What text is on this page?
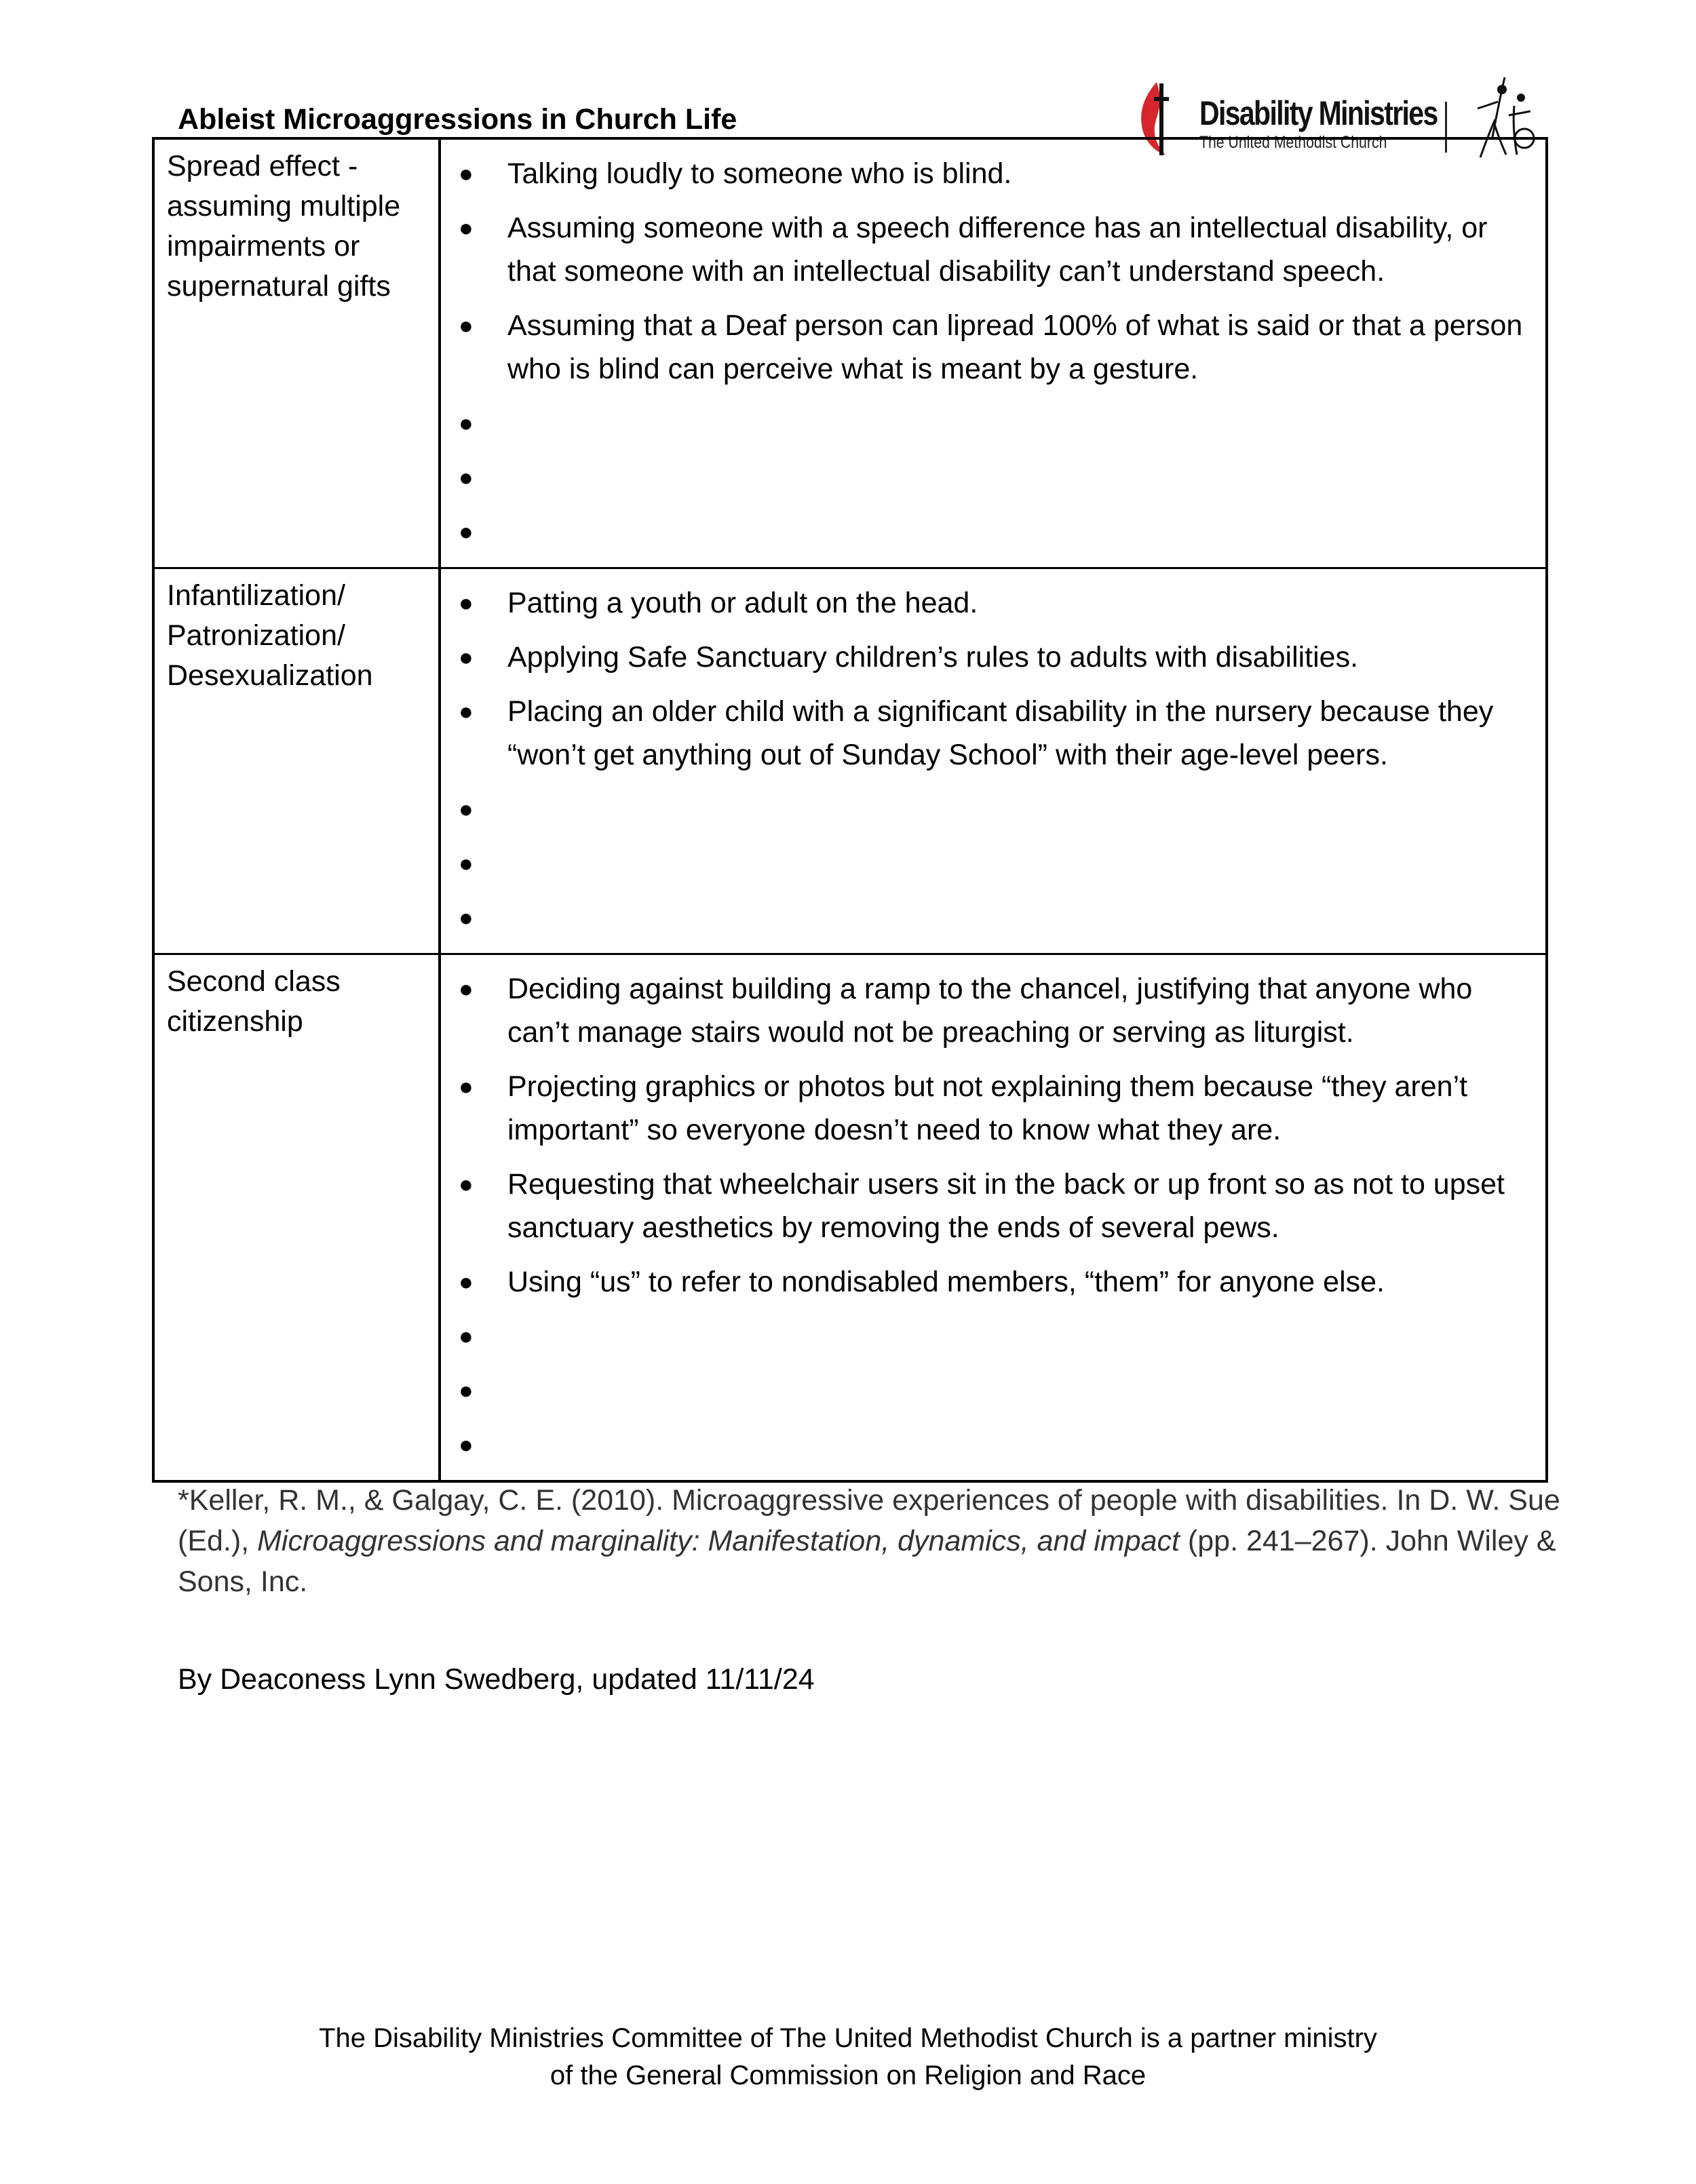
Ableist Microaggressions in Church Life	Disability Ministries
The United Methodist Church
Spread effect -assuming multiple impairments or supernatural gifts
●	Talking loudly to someone who is blind.
●	Assuming someone with a speech difference has an intellectual disability, or that someone with an intellectual disability can’t understand speech.
●	Assuming that a Deaf person can lipread 100% of what is said or that a person who is blind can perceive what is meant by a gesture.
●
●
●
Infantilization/ Patronization/ Desexualization
●	Patting a youth or adult on the head.
●	Applying Safe Sanctuary children’s rules to adults with disabilities.
●	Placing an older child with a significant disability in the nursery because they “won’t get anything out of Sunday School” with their age-level peers.
●
●
●
Second class citizenship
●	Deciding against building a ramp to the chancel, justifying that anyone who can’t manage stairs would not be preaching or serving as liturgist.
●	Projecting graphics or photos but not explaining them because “they aren’t important” so everyone doesn’t need to know what they are.
●	Requesting that wheelchair users sit in the back or up front so as not to upset sanctuary aesthetics by removing the ends of several pews.
●	Using “us” to refer to nondisabled members, “them” for anyone else.
●
●
●
*Keller, R. M., & Galgay, C. E. (2010). Microaggressive experiences of people with disabilities. In D. W. Sue (Ed.), Microaggressions and marginality: Manifestation, dynamics, and impact (pp. 241–267). John Wiley & Sons, Inc.
By Deaconess Lynn Swedberg, updated 11/11/24
The Disability Ministries Committee of The United Methodist Church is a partner ministry
of the General Commission on Religion and Race
